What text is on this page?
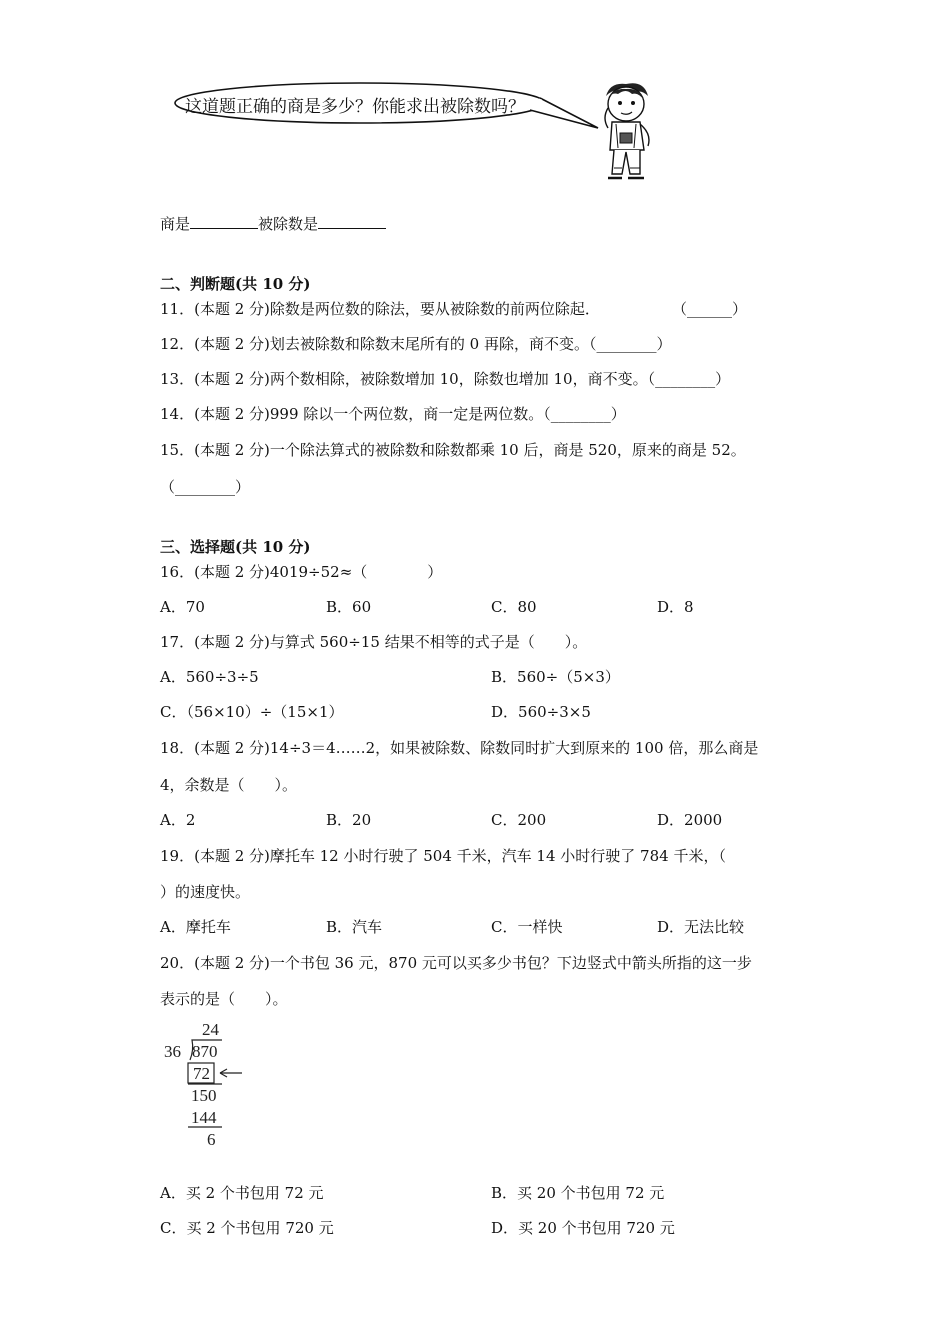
这道题正确的商是多少？你能求出被除数吗？
商是	被除数是
二、判断题(共 10 分)
11．(本题 2 分)除数是两位数的除法，要从被除数的前两位除起．	（______）
12．(本题 2 分)划去被除数和除数末尾所有的 0 再除，商不变。（________）
13．(本题 2 分)两个数相除，被除数增加 10，除数也增加 10，商不变。（________）
14．(本题 2 分)999 除以一个两位数，商一定是两位数。（________）
15．(本题 2 分)一个除法算式的被除数和除数都乘 10 后，商是 520，原来的商是 52。
（________）
三、选择题(共 10 分)
16．(本题 2 分)4019÷52≈（　　　　）
A．70	B．60	C．80	D．8
17．(本题 2 分)与算式 560÷15 结果不相等的式子是（　　）。
A．560÷3÷5	B．560÷（5×3）
C．（56×10）÷（15×1）	D．560÷3×5
18．(本题 2 分)14÷3＝4……2，如果被除数、除数同时扩大到原来的 100 倍，那么商是
4，余数是（　　）。
A．2	B．20	C．200	D．2000
19．(本题 2 分)摩托车 12 小时行驶了 504 千米，汽车 14 小时行驶了 784 千米，（
）的速度快。
A．摩托车	B．汽车	C．一样快	D．无法比较
20．(本题 2 分)一个书包 36 元，870 元可以买多少书包？下边竖式中箭头所指的这一步
表示的是（　　）。
24
36 870
72
150
144
6
A．买 2 个书包用 72 元	B．买 20 个书包用 72 元
C．买 2 个书包用 720 元	D．买 20 个书包用 720 元
